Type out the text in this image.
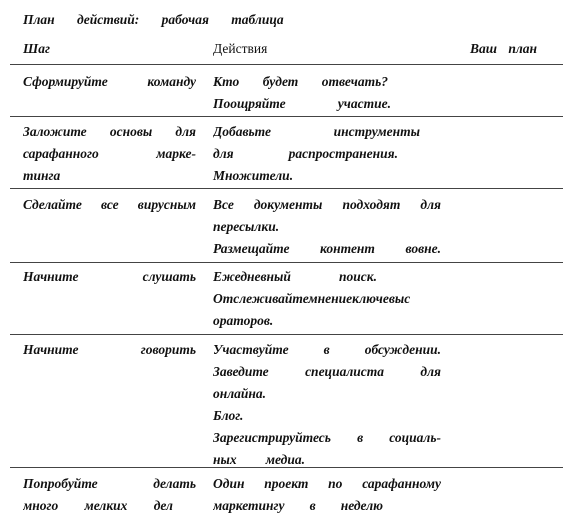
План действий: рабочая таблица
Шаг	Действия	Ваш план
Сформируйте команду Кто будет отвечать?
Поощряйте участие.
Заложите основы для
сарафанного марке-
тинга
Добавьте инструменты
для распространения.
Множители.
Сделайте все вирусным Все документы подходят для
пересылки.
Размещайте контент вовне.
Начните слушать Ежедневный поиск.
Отслеживайтемнениеключевыс
ораторов.
Начните говорить Участвуйте в обсуждении.
Заведите специалиста для
онлайна.
Блог.
Зарегистрируйтесь в социаль-
ных медиа.
Попробуйте делать
много мелких дел
Один проект по сарафанному
маркетингу в неделю
